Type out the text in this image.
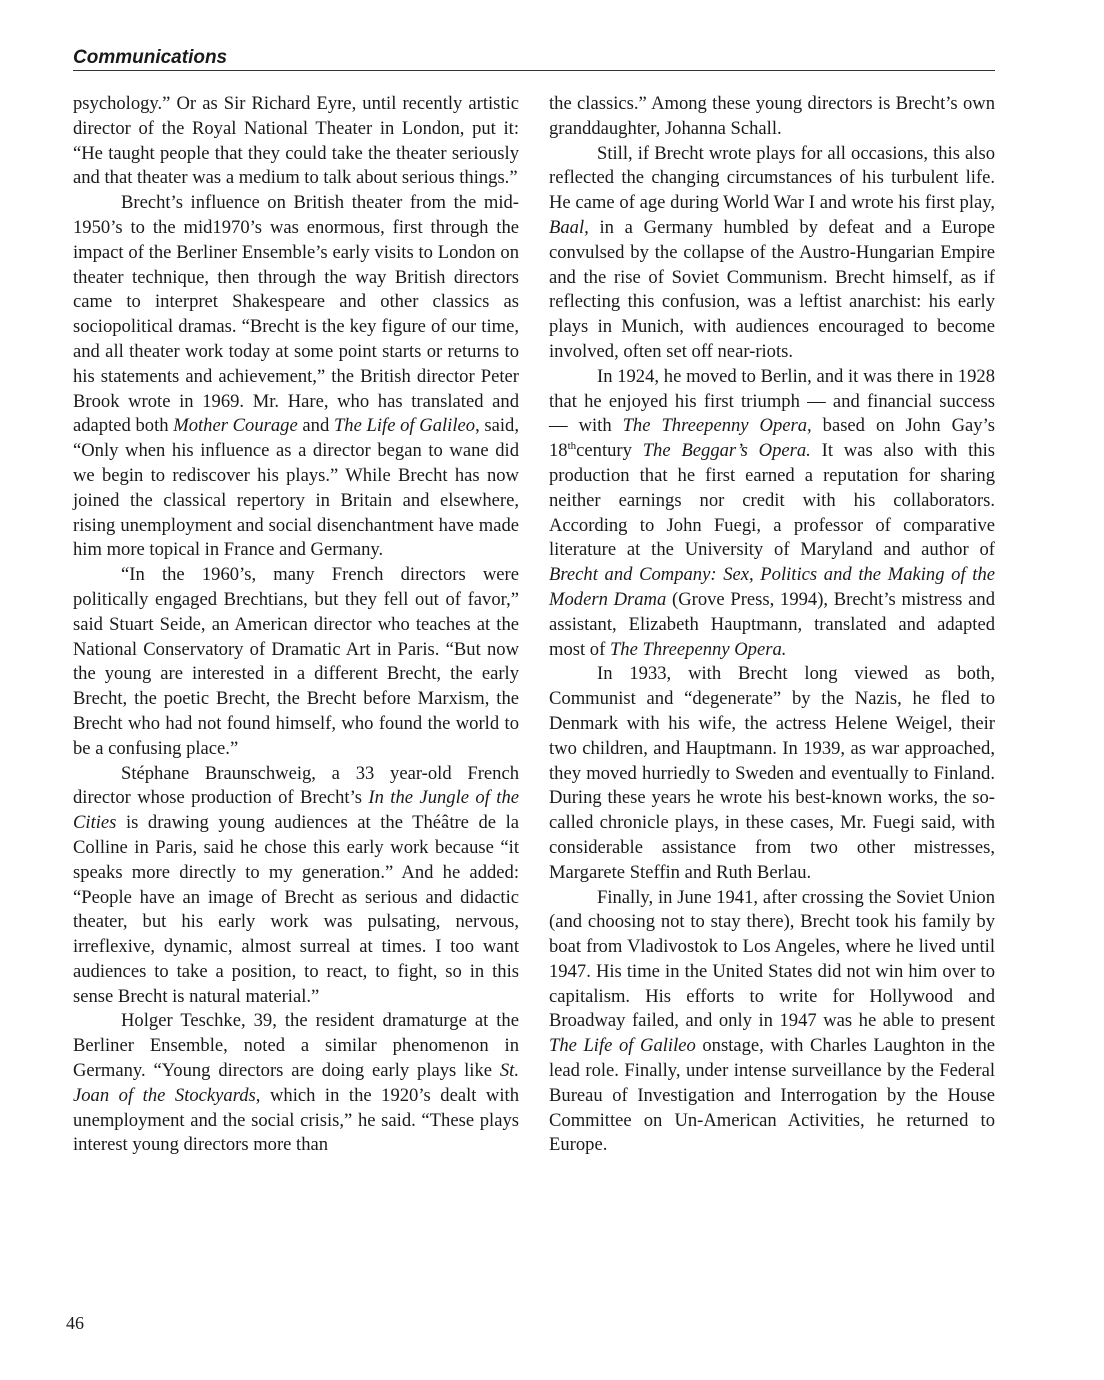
Communications

psychology.” Or as Sir Richard Eyre, until recently artistic director of the Royal National Theater in London, put it: “He taught people that they could take the theater seriously and that theater was a medium to talk about serious things.”

Brecht’s influence on British theater from the mid-1950’s to the mid1970’s was enormous, first through the impact of the Berliner Ensemble’s early visits to London on theater technique, then through the way British directors came to interpret Shakespeare and other classics as sociopolitical dramas. “Brecht is the key figure of our time, and all theater work today at some point starts or returns to his statements and achievement,” the British director Peter Brook wrote in 1969. Mr. Hare, who has translated and adapted both Mother Courage and The Life of Galileo, said, “Only when his influence as a director began to wane did we begin to rediscover his plays.” While Brecht has now joined the classical repertory in Britain and elsewhere, rising unemployment and social disenchantment have made him more topical in France and Germany.

“In the 1960’s, many French directors were politically engaged Brechtians, but they fell out of favor,” said Stuart Seide, an American director who teaches at the National Conservatory of Dramatic Art in Paris. “But now the young are interested in a different Brecht, the early Brecht, the poetic Brecht, the Brecht before Marxism, the Brecht who had not found himself, who found the world to be a confusing place.”

Stéphane Braunschweig, a 33 year-old French director whose production of Brecht’s In the Jungle of the Cities is drawing young audiences at the Théâtre de la Colline in Paris, said he chose this early work because “it speaks more directly to my generation.” And he added: “People have an image of Brecht as serious and didactic theater, but his early work was pulsating, nervous, irreflexive, dynamic, almost surreal at times. I too want audiences to take a position, to react, to fight, so in this sense Brecht is natural material.”

Holger Teschke, 39, the resident dramaturge at the Berliner Ensemble, noted a similar phenomenon in Germany. “Young directors are doing early plays like St. Joan of the Stockyards, which in the 1920’s dealt with unemployment and the social crisis,” he said. “These plays interest young directors more than

the classics.” Among these young directors is Brecht’s own granddaughter, Johanna Schall.

Still, if Brecht wrote plays for all occasions, this also reflected the changing circumstances of his turbulent life. He came of age during World War I and wrote his first play, Baal, in a Germany humbled by defeat and a Europe convulsed by the collapse of the Austro-Hungarian Empire and the rise of Soviet Communism. Brecht himself, as if reflecting this confusion, was a leftist anarchist: his early plays in Munich, with audiences encouraged to become involved, often set off near-riots.

In 1924, he moved to Berlin, and it was there in 1928 that he enjoyed his first triumph — and financial success — with The Threepenny Opera, based on John Gay’s 18thcentury The Beggar’s Opera. It was also with this production that he first earned a reputation for sharing neither earnings nor credit with his collaborators. According to John Fuegi, a professor of comparative literature at the University of Maryland and author of Brecht and Company: Sex, Politics and the Making of the Modern Drama (Grove Press, 1994), Brecht’s mistress and assistant, Elizabeth Hauptmann, translated and adapted most of The Threepenny Opera.

In 1933, with Brecht long viewed as both, Communist and “degenerate” by the Nazis, he fled to Denmark with his wife, the actress Helene Weigel, their two children, and Hauptmann. In 1939, as war approached, they moved hurriedly to Sweden and eventually to Finland. During these years he wrote his best-known works, the so-called chronicle plays, in these cases, Mr. Fuegi said, with considerable assistance from two other mistresses, Margarete Steffin and Ruth Berlau.

Finally, in June 1941, after crossing the Soviet Union (and choosing not to stay there), Brecht took his family by boat from Vladivostok to Los Angeles, where he lived until 1947. His time in the United States did not win him over to capitalism. His efforts to write for Hollywood and Broadway failed, and only in 1947 was he able to present The Life of Galileo onstage, with Charles Laughton in the lead role. Finally, under intense surveillance by the Federal Bureau of Investigation and Interrogation by the House Committee on Un-American Activities, he returned to Europe.

46
